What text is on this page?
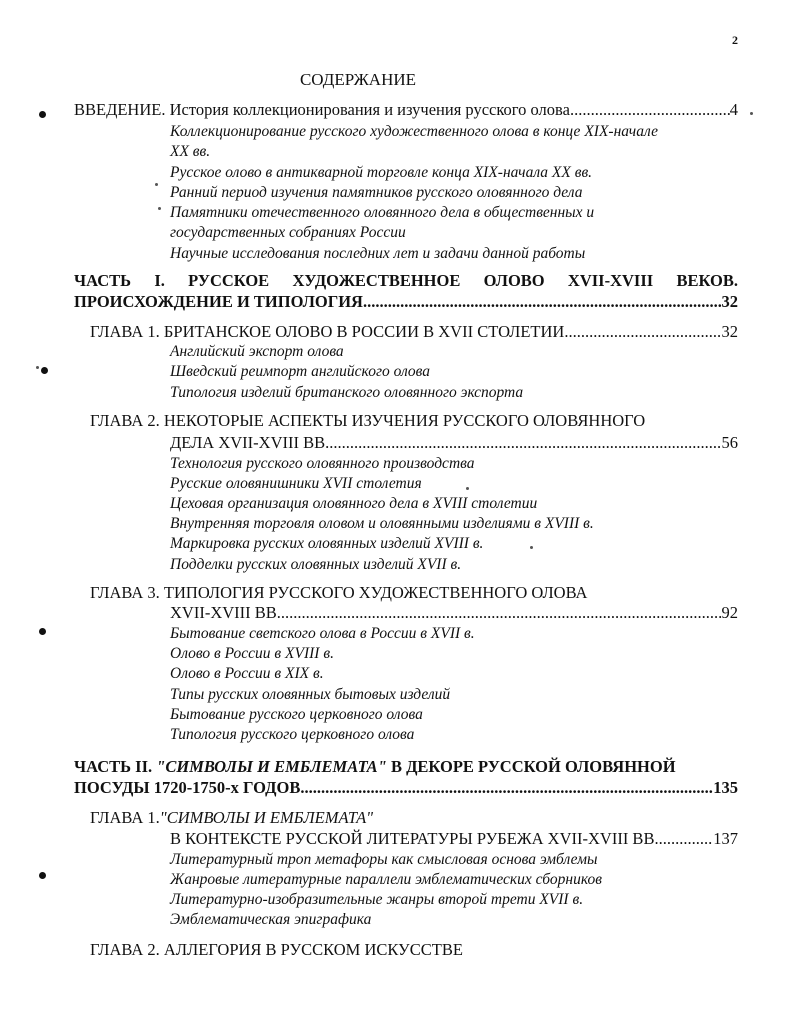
2
СОДЕРЖАНИЕ
ВВЕДЕНИЕ. История коллекционирования и изучения русского олова .....	4
Коллекционирование русского художественного олова в конце XIX-начале
XX вв.
Русское олово в антикварной торговле конца XIX-начала XX вв.
Ранний период изучения памятников русского оловянного дела
Памятники отечественного оловянного дела в общественных и
государственных собраниях России
Научные исследования последних лет и задачи данной работы
ЧАСТЬ I. РУССКОЕ ХУДОЖЕСТВЕННОЕ ОЛОВО XVII-XVIII ВЕКОВ.
ПРОИСХОЖДЕНИЕ И ТИПОЛОГИЯ .....	32
ГЛАВА 1. БРИТАНСКОЕ ОЛОВО В РОССИИ В XVII СТОЛЕТИИ .....	32
Английский экспорт олова
Шведский реимпорт английского олова
Типология изделий британского оловянного экспорта
ГЛАВА 2. НЕКОТОРЫЕ АСПЕКТЫ ИЗУЧЕНИЯ РУССКОГО ОЛОВЯННОГО
ДЕЛА XVII-XVIII ВВ. .....	56
Технология русского оловянного производства
Русские оловянишники XVII столетия
Цеховая организация оловянного дела в XVIII столетии
Внутренняя торговля оловом и оловянными изделиями в XVIII в.
Маркировка русских оловянных изделий XVIII в.
Подделки русских оловянных изделий XVII в.
ГЛАВА 3. ТИПОЛОГИЯ РУССКОГО ХУДОЖЕСТВЕННОГО ОЛОВА
XVII-XVIII ВВ. .....	92
Бытование светского олова в России в XVII в.
Олово в России в XVIII в.
Олово в России в XIX в.
Типы русских оловянных бытовых изделий
Бытование русского церковного олова
Типология русского церковного олова
ЧАСТЬ II. "СИМВОЛЫ И ЕМБЛЕМАТА" В ДЕКОРЕ РУССКОЙ ОЛОВЯННОЙ
ПОСУДЫ 1720-1750-х ГОДОВ .....	135
ГЛАВА 1."СИМВОЛЫ И ЕМБЛЕМАТА"
В КОНТЕКСТЕ РУССКОЙ ЛИТЕРАТУРЫ РУБЕЖА XVII-XVIII ВВ. .....	137
Литературный троп метафоры как смысловая основа эмблемы
Жанровые литературные параллели эмблематических сборников
Литературно-изобразительные жанры второй трети XVII в.
Эмблематическая эпиграфика
ГЛАВА 2. АЛЛЕГОРИЯ В РУССКОМ ИСКУССТВЕ
